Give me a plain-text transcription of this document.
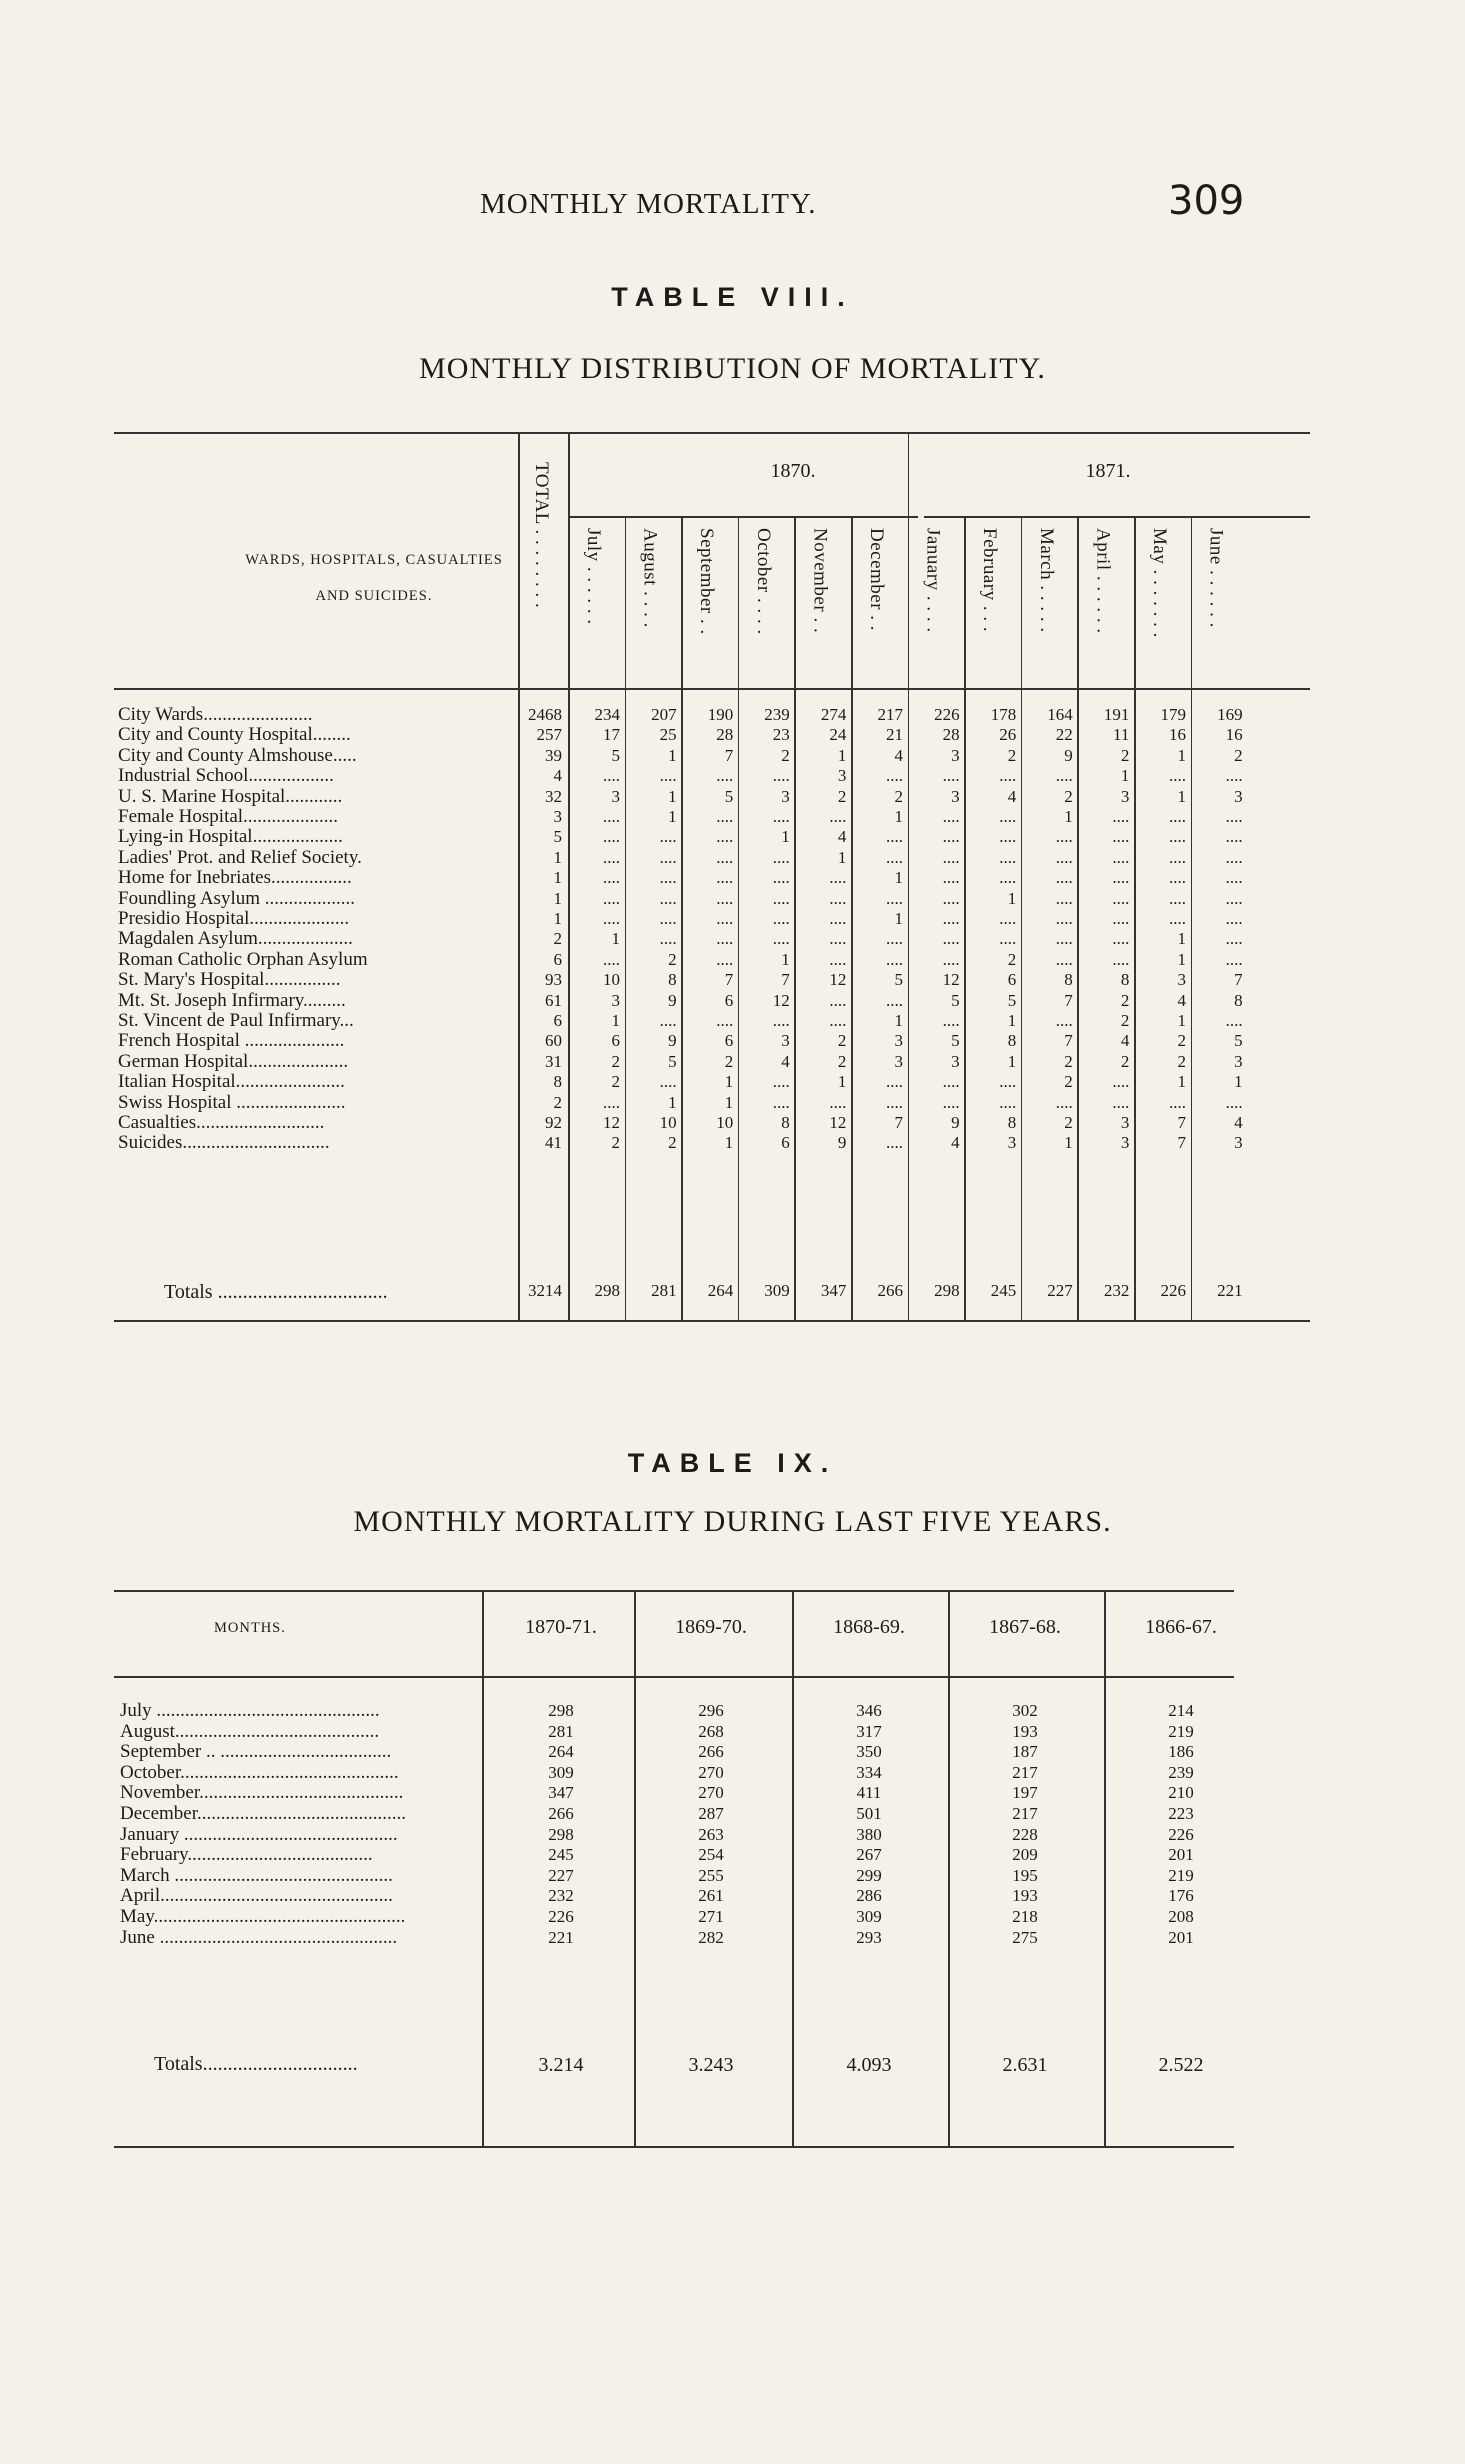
MONTHLY MORTALITY.	309
TABLE VIII.
MONTHLY DISTRIBUTION OF MORTALITY.
WARDS, HOSPITALS, CASUALTIES
AND SUICIDES.	TOTAL . . . . . . . .	1870.	1871.
July . . . . . . August . . . . September . . October . . . . November . . December . . January . . . . February . . . March . . . . . April . . . . . . May . . . . . . . June . . . . . .
City Wards.......................	2468	234	207	190	239	274	217	226	178	164	191	179	169
City and County Hospital........	257	17	25	28	23	24	21	28	26	22	11	16	16
City and County Almshouse.....	39	5	1	7	2	1	4	3	2	9	2	1	2
Industrial School..................	4	....	....	....	....	3	....	....	....	....	1	....	....
U. S. Marine Hospital............	32	3	1	5	3	2	2	3	4	2	3	1	3
Female Hospital....................	3	....	1	....	....	....	1	....	....	1	....	....	....
Lying-in Hospital...................	5	....	....	....	1	4	....	....	....	....	....	....	....
Ladies' Prot. and Relief Society.	1	....	....	....	....	1	....	....	....	....	....	....	....
Home for Inebriates.................	1	....	....	....	....	....	1	....	....	....	....	....	....
Foundling Asylum ...................	1	....	....	....	....	....	....	....	1	....	....	....	....
Presidio Hospital.....................	1	....	....	....	....	....	1	....	....	....	....	....	....
Magdalen Asylum....................	2	1	....	....	....	....	....	....	....	....	....	1	....
Roman Catholic Orphan Asylum	6	....	2	....	1	....	....	....	2	....	....	1	....
St. Mary's Hospital................	93	10	8	7	7	12	5	12	6	8	8	3	7
Mt. St. Joseph Infirmary.........	61	3	9	6	12	....	....	5	5	7	2	4	8
St. Vincent de Paul Infirmary...	6	1	....	....	....	....	1	....	1	....	2	1	....
French Hospital .....................	60	6	9	6	3	2	3	5	8	7	4	2	5
German Hospital.....................	31	2	5	2	4	2	3	3	1	2	2	2	3
Italian Hospital.......................	8	2	....	1	....	1	....	....	....	2	....	1	1
Swiss Hospital .......................	2	....	1	1	....	....	....	....	....	....	....	....	....
Casualties...........................	92	12	10	10	8	12	7	9	8	2	3	7	4
Suicides...............................	41	2	2	1	6	9	....	4	3	1	3	7	3
Totals ..................................	3214	298	281	264	309	347	266	298	245	227	232	226	221
TABLE IX.
MONTHLY MORTALITY DURING LAST FIVE YEARS.
MONTHS.	1870-71.	1869-70.	1868-69.	1867-68.	1866-67.
July ...............................................	298	296	346	302	214
August...........................................	281	268	317	193	219
September .. ....................................	264	266	350	187	186
October..............................................	309	270	334	217	239
November...........................................	347	270	411	197	210
December............................................	266	287	501	217	223
January .............................................	298	263	380	228	226
February.......................................	245	254	267	209	201
March ..............................................	227	255	299	195	219
April.................................................	232	261	286	193	176
May.....................................................	226	271	309	218	208
June ..................................................	221	282	293	275	201
Totals...............................	3.214	3.243	4.093	2.631	2.522
